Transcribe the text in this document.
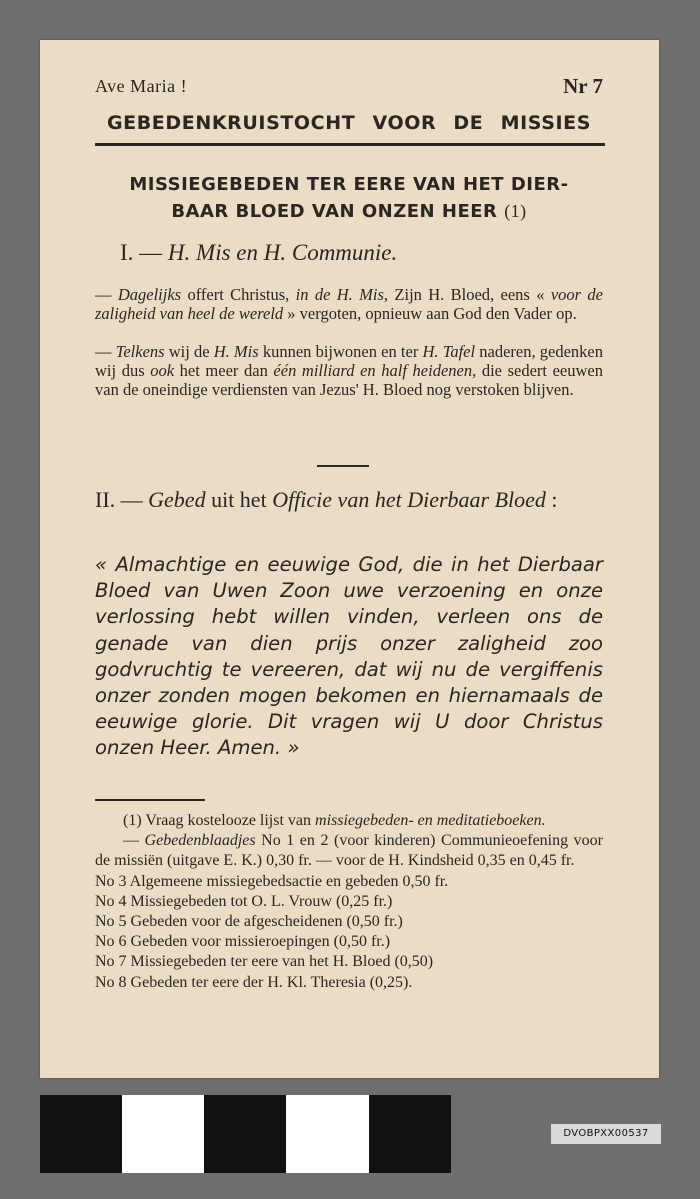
Ave Maria !	Nr 7
GEBEDENKRUISTOCHT VOOR DE MISSIES
MISSIEGEBEDEN TER EERE VAN HET DIER-
BAAR BLOED VAN ONZEN HEER (1)
I. — H. Mis en H. Communie.
— Dagelijks offert Christus, in de H. Mis, Zijn H. Bloed, eens « voor de zaligheid van heel de wereld » vergoten, opnieuw aan God den Vader op.
— Telkens wij de H. Mis kunnen bijwonen en ter H. Tafel naderen, gedenken wij dus ook het meer dan één milliard en half heidenen, die sedert eeuwen van de oneindige verdiensten van Jezus' H. Bloed nog verstoken blijven.
II. — Gebed uit het Officie van het Dierbaar Bloed :
« Almachtige en eeuwige God, die in het Dierbaar Bloed van Uwen Zoon uwe verzoening en onze verlossing hebt willen vinden, verleen ons de genade van dien prijs onzer zaligheid zoo godvruchtig te vereeren, dat wij nu de vergiffenis onzer zonden mogen bekomen en hiernamaals de eeuwige glorie. Dit vragen wij U door Christus onzen Heer. Amen. »

(1) Vraag kostelooze lijst van missiegebeden- en meditatieboeken.

— Gebedenblaadjes No 1 en 2 (voor kinderen) Communieoefening voor de missiën (uitgave E. K.) 0,30 fr. — voor de H. Kindsheid 0,35 en 0,45 fr.

No 3 Algemeene missiegebedsactie en gebeden 0,50 fr.

No 4 Missiegebeden tot O. L. Vrouw (0,25 fr.)

No 5 Gebeden voor de afgescheidenen (0,50 fr.)

No 6 Gebeden voor missieroepingen (0,50 fr.)

No 7 Missiegebeden ter eere van het H. Bloed (0,50)

No 8 Gebeden ter eere der H. Kl. Theresia (0,25).

DVOBPXX00537
